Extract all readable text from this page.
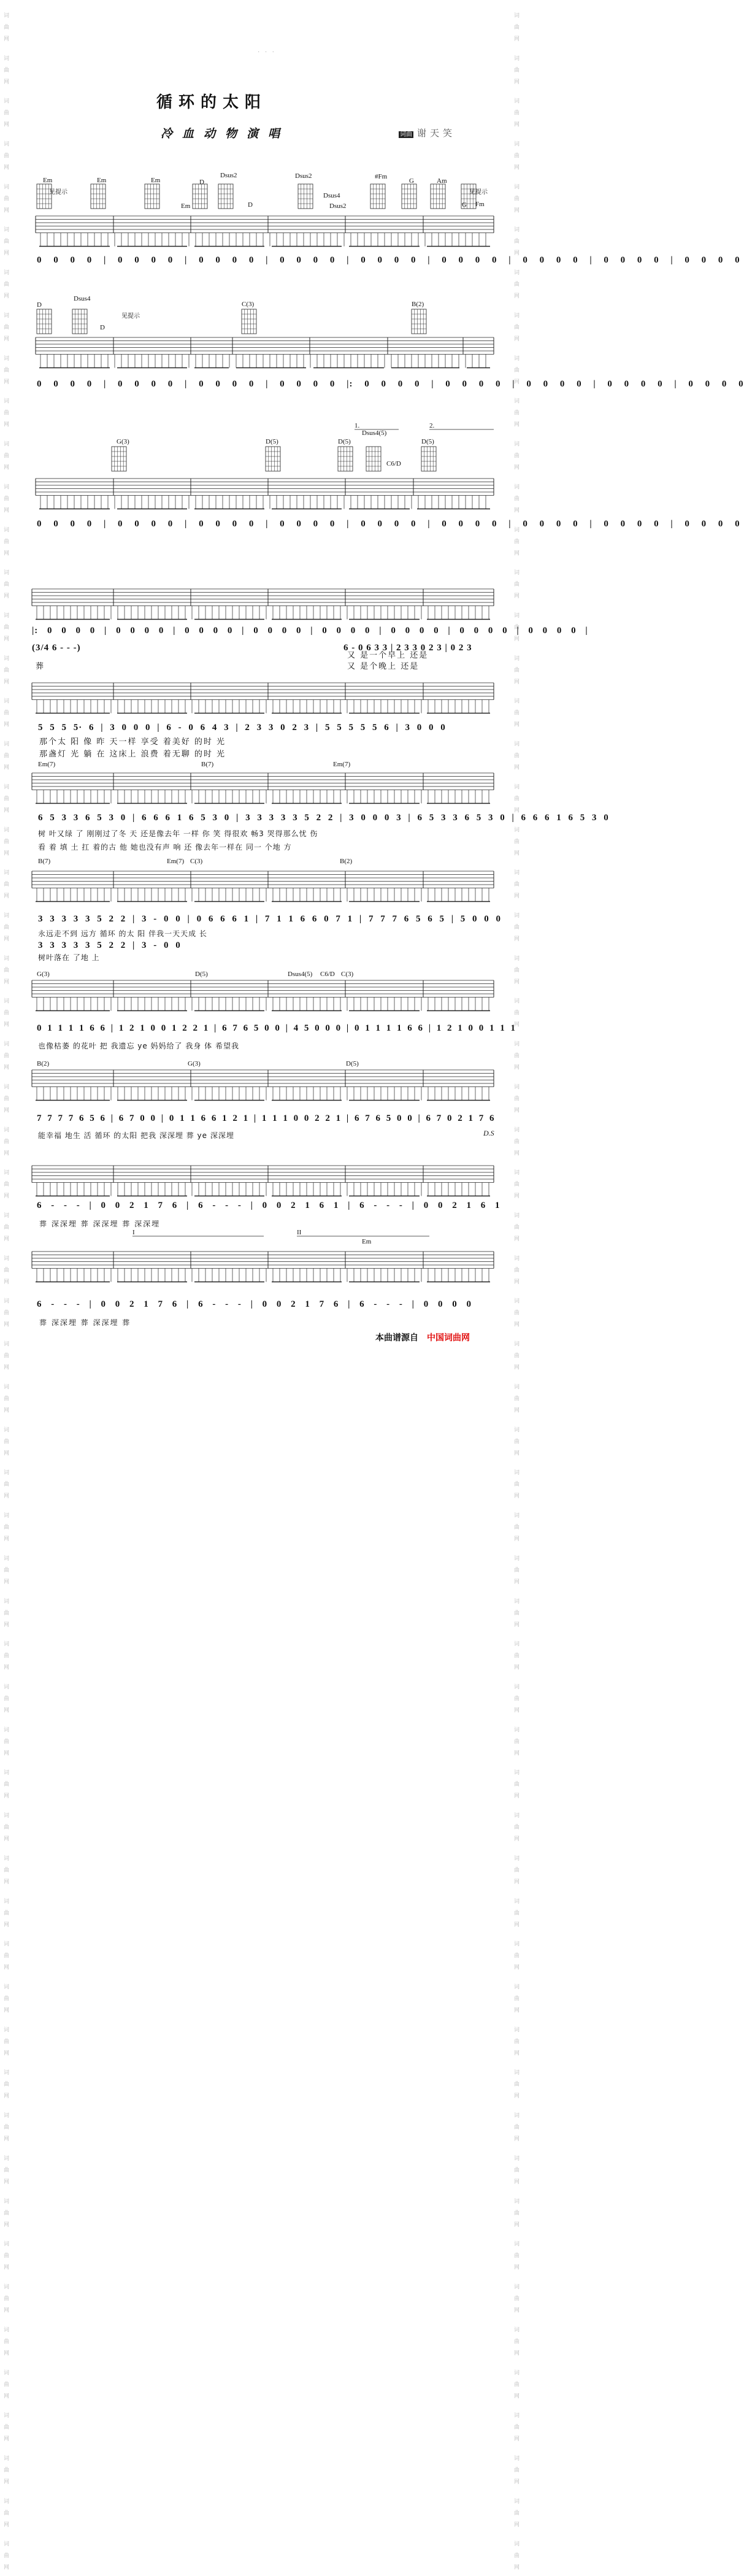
词曲网 词曲网 词曲网 词曲网 词曲网 词曲网 词曲网 词曲网 词曲网 词曲网 词曲网 词曲网 词曲网 词曲网 词曲网 词曲网 词曲网 词曲网 词曲网 词曲网 词曲网 词曲网 词曲网 词曲网 词曲网 词曲网 词曲网 词曲网 词曲网 词曲网 词曲网 词曲网 词曲网 词曲网 词曲网 词曲网 词曲网 词曲网 词曲网 词曲网 词曲网 词曲网 词曲网 词曲网 词曲网 词曲网 词曲网 词曲网 词曲网 词曲网 词曲网 词曲网 词曲网 词曲网 词曲网 词曲网 词曲网 词曲网 词曲网 词曲网	词曲网 词曲网 词曲网 词曲网 词曲网 词曲网 词曲网 词曲网 词曲网 词曲网 词曲网 词曲网 词曲网 词曲网 词曲网 词曲网 词曲网 词曲网 词曲网 词曲网 词曲网 词曲网 词曲网 词曲网 词曲网 词曲网 词曲网 词曲网 词曲网 词曲网 词曲网 词曲网 词曲网 词曲网 词曲网 词曲网 词曲网 词曲网 词曲网 词曲网 词曲网 词曲网 词曲网 词曲网 词曲网 词曲网 词曲网 词曲网 词曲网 词曲网 词曲网 词曲网 词曲网 词曲网 词曲网 词曲网 词曲网 词曲网 词曲网 词曲网
· · ·
循环的太阳
冷血动物演唱	词曲 谢天笑
Em	Em	Em
Em
D
Dsus2
D
Dsus2
Dsus4
Dsus2
#Fm
G	Am
G Fm
见提示	见提示
0 0 0 0 | 0 0 0 0 | 0 0 0 0 | 0 0 0 0 | 0 0 0 0 | 0 0 0 0 | 0 0 0 0 | 0 0 0 0 | 0 0 0 0
D
Dsus4
D
C(3)	B(2)
见提示
0 0 0 0 | 0 0 0 0 | 0 0 0 0 | 0 0 0 0 |: 0 0 0 0 | 0 0 0 0 | 0 0 0 0 | 0 0 0 0 | 0 0 0 0
1.	2.
G(3)	D(5)	D(5)
Dsus4(5)
C6/D
D(5)
0 0 0 0 | 0 0 0 0 | 0 0 0 0 | 0 0 0 0 | 0 0 0 0 | 0 0 0 0 | 0 0 0 0 | 0 0 0 0 | 0 0 0 0
|: 0 0 0 0 | 0 0 0 0 | 0 0 0 0 | 0 0 0 0 | 0 0 0 0 | 0 0 0 0 | 0 0 0 0 | 0 0 0 0 |
(3/4 6 - - -)
葬
6 - 0 6 3 3 | 2 3 3 0 2 3 | 0 2 3
又 是一个早上 还是
又 是个晚上 还是
5 5 5 5· 6 | 3 0 0 0 | 6 - 0 6 4 3 | 2 3 3 0 2 3 | 5 5 5 5 5 6 | 3 0 0 0
那个太 阳 像 昨 天一样 享受 着美好 的时 光
那盏灯 光 躺 在 这床上 浪费 着无聊 的时 光
Em(7)	B(7)	Em(7)
6 5 3 3 6 5 3 0 | 6 6 6 1 6 5 3 0 | 3 3 3 3 3 5 2 2 | 3 0 0 0 3 | 6 5 3 3 6 5 3 0 | 6 6 6 1 6 5 3 0
树 叶又绿 了 刚刚过了冬 天 还是像去年 一样 你 笑 得很欢 畅3 哭得那么忧 伤
看 着 填 土 扛 着的古 他 她也没有声 响 还 像去年一样在 同一 个地 方
B(7)	Em(7) C(3)	B(2)
3 3 3 3 3 5 2 2 | 3 - 0 0 | 0 6 6 6 1 | 7 1 1 6 6 0 7 1 | 7 7 7 6 5 6 5 | 5 0 0 0
永远走不到 远方 循环 的太 阳 伴我一天天成 长
3 3 3 3 3 5 2 2 | 3 - 0 0
树叶落在 了地 上
G(3)	D(5)	Dsus4(5) C6/D C(3)
0 1 1 1 1 6 6 | 1 2 1 0 0 1 2 2 1 | 6 7 6 5 0 0 | 4 5 0 0 0 | 0 1 1 1 1 6 6 | 1 2 1 0 0 1 1 1
也像枯萎 的花叶 把 我遗忘 ye 妈妈给了 我身 体 希望我
B(2)	G(3)	D(5)
7 7 7 7 6 5 6 | 6 7 0 0 | 0 1 1 6 6 1 2 1 | 1 1 1 0 0 2 2 1 | 6 7 6 5 0 0 | 6 7 0 2 1 7 6
能幸福 地生 活 循环 的太阳 把我 深深埋 葬 ye 深深埋	D.S
6 - - - | 0 0 2 1 7 6 | 6 - - - | 0 0 2 1 6 1 | 6 - - - | 0 0 2 1 6 1
葬 深深埋 葬 深深埋 葬 深深埋
I	II
Em
6 - - - | 0 0 2 1 7 6 | 6 - - - | 0 0 2 1 7 6 | 6 - - - | 0 0 0 0
葬 深深埋 葬 深深埋 葬
本曲谱源自 中国词曲网
